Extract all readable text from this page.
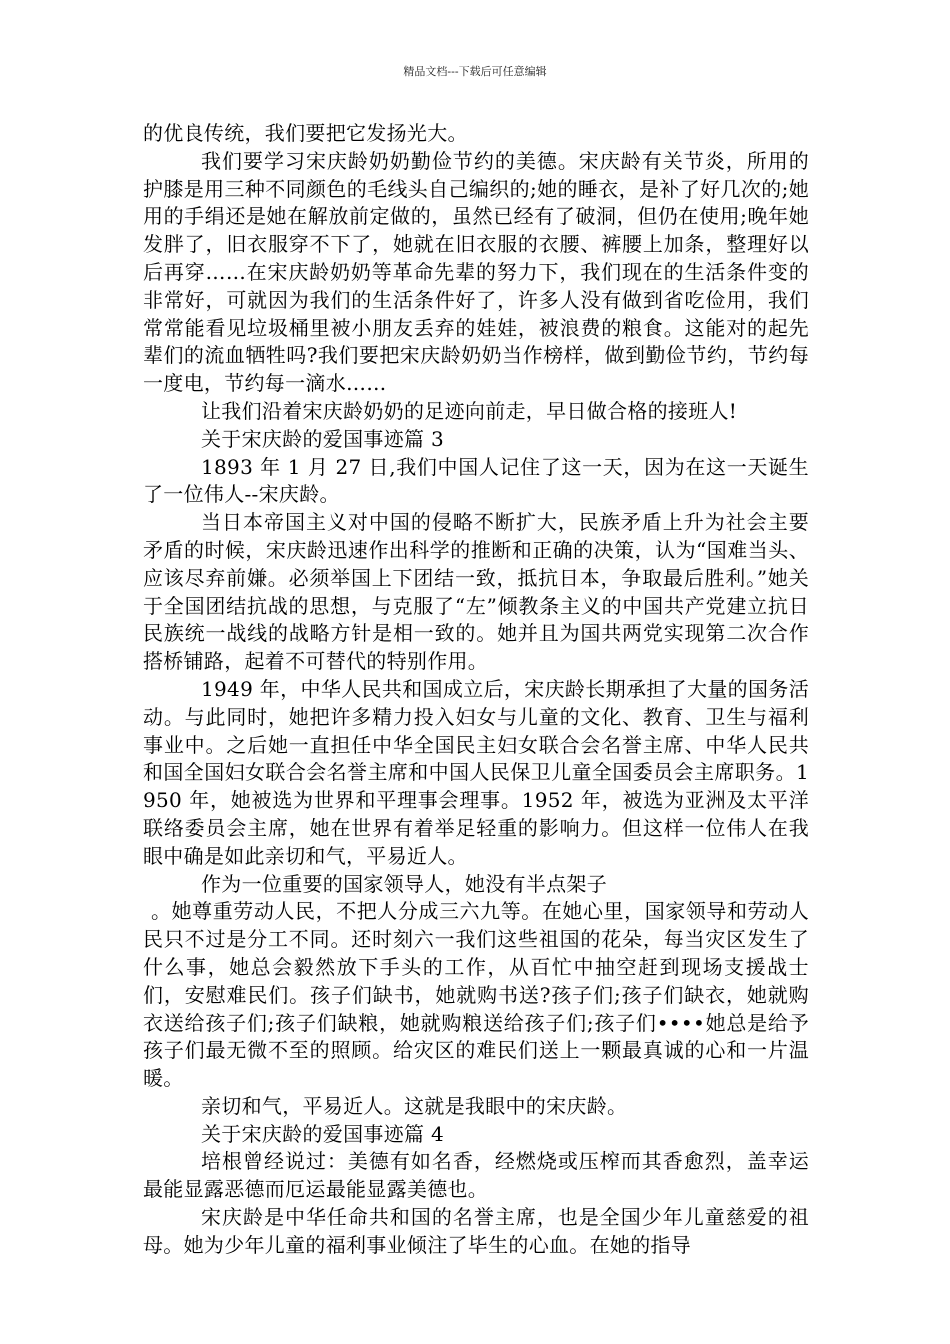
精品文档---下载后可任意编辑

的优良传统，我们要把它发扬光大。

我们要学习宋庆龄奶奶勤俭节约的美德。宋庆龄有关节炎，所用的护膝是用三种不同颜色的毛线头自己编织的;她的睡衣，是补了好几次的;她用的手绢还是她在解放前定做的，虽然已经有了破洞，但仍在使用;晚年她发胖了，旧衣服穿不下了，她就在旧衣服的衣腰、裤腰上加条，整理好以后再穿……在宋庆龄奶奶等革命先辈的努力下，我们现在的生活条件变的非常好，可就因为我们的生活条件好了，许多人没有做到省吃俭用，我们常常能看见垃圾桶里被小朋友丢弃的娃娃，被浪费的粮食。这能对的起先辈们的流血牺牲吗?我们要把宋庆龄奶奶当作榜样，做到勤俭节约，节约每一度电，节约每一滴水……

让我们沿着宋庆龄奶奶的足迹向前走，早日做合格的接班人!

关于宋庆龄的爱国事迹篇 3

1893 年 1 月 27 日,我们中国人记住了这一天，因为在这一天诞生了一位伟人--宋庆龄。

当日本帝国主义对中国的侵略不断扩大，民族矛盾上升为社会主要矛盾的时候，宋庆龄迅速作出科学的推断和正确的决策，认为“国难当头、应该尽弃前嫌。必须举国上下团结一致，抵抗日本，争取最后胜利。”她关于全国团结抗战的思想，与克服了“左”倾教条主义的中国共产党建立抗日民族统一战线的战略方针是相一致的。她并且为国共两党实现第二次合作搭桥铺路，起着不可替代的特别作用。

1949 年，中华人民共和国成立后，宋庆龄长期承担了大量的国务活动。与此同时，她把许多精力投入妇女与儿童的文化、教育、卫生与福利事业中。之后她一直担任中华全国民主妇女联合会名誉主席、中华人民共和国全国妇女联合会名誉主席和中国人民保卫儿童全国委员会主席职务。1950 年，她被选为世界和平理事会理事。1952 年，被选为亚洲及太平洋联络委员会主席，她在世界有着举足轻重的影响力。但这样一位伟人在我眼中确是如此亲切和气，平易近人。

作为一位重要的国家领导人，她没有半点架子

。她尊重劳动人民，不把人分成三六九等。在她心里，国家领导和劳动人民只不过是分工不同。还时刻六一我们这些祖国的花朵，每当灾区发生了什么事，她总会毅然放下手头的工作，从百忙中抽空赶到现场支援战士们，安慰难民们。孩子们缺书，她就购书送?孩子们;孩子们缺衣，她就购衣送给孩子们;孩子们缺粮，她就购粮送给孩子们;孩子们••••她总是给予孩子们最无微不至的照顾。给灾区的难民们送上一颗最真诚的心和一片温暖。

亲切和气，平易近人。这就是我眼中的宋庆龄。

关于宋庆龄的爱国事迹篇 4

培根曾经说过：美德有如名香，经燃烧或压榨而其香愈烈，盖幸运最能显露恶德而厄运最能显露美德也。

宋庆龄是中华任命共和国的名誉主席，也是全国少年儿童慈爱的祖母。她为少年儿童的福利事业倾注了毕生的心血。在她的指导
